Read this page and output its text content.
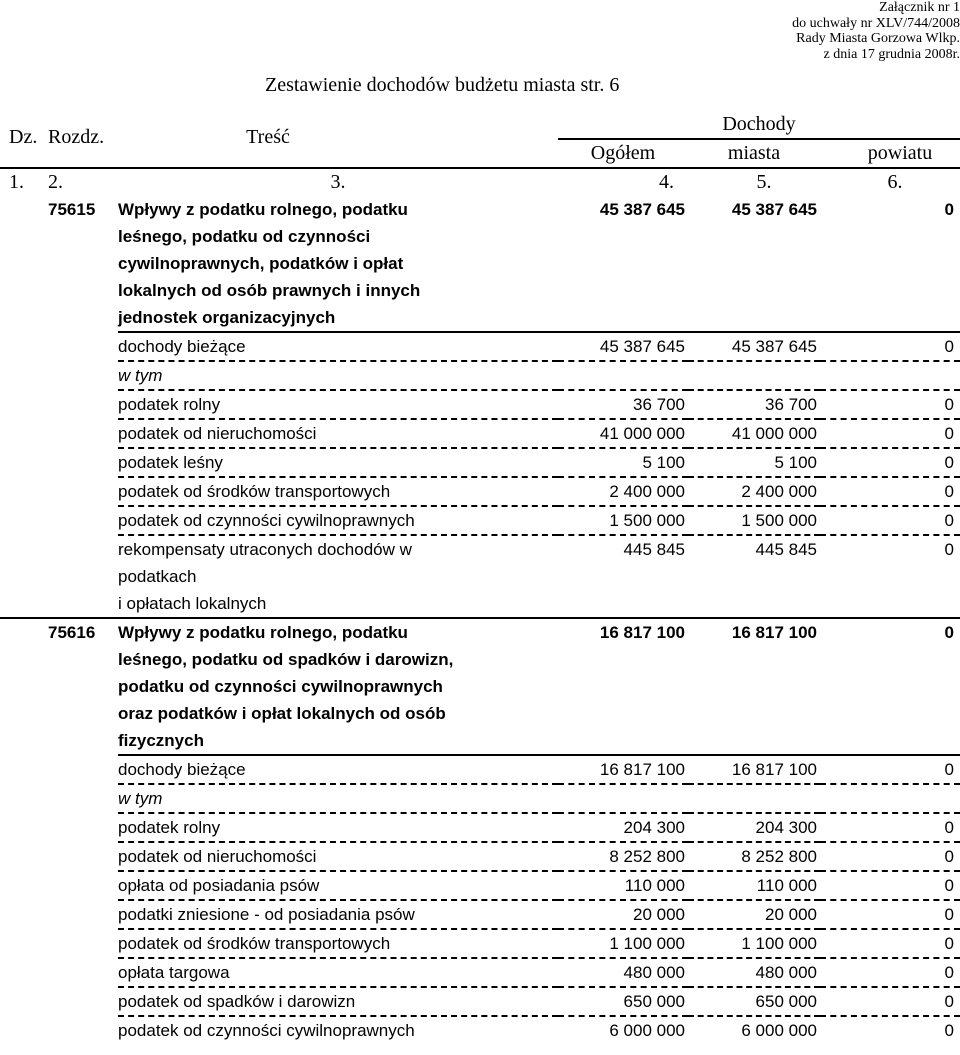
Załącznik nr 1
do uchwały nr XLV/744/2008
Rady Miasta Gorzowa Wlkp.
z dnia 17 grudnia 2008r.
Zestawienie dochodów budżetu miasta str. 6
			Dochody		
Dz.	Rozdz.	Treść	Ogółem	miasta	powiatu
1.	2.	3.	4.	5.	6.
	75615	Wpływy z podatku rolnego, podatku	45 387 645	45 387 645	0
		leśnego, podatku od czynności			
		cywilnoprawnych, podatków i opłat			
		lokalnych od osób prawnych i innych			
		jednostek organizacyjnych			

		dochody bieżące	45 387 645	45 387 645	0
		w tym			
		podatek rolny	36 700	36 700	0
		podatek od nieruchomości	41 000 000	41 000 000	0
		podatek leśny	5 100	5 100	0
		podatek od środków transportowych	2 400 000	2 400 000	0
		podatek od czynności cywilnoprawnych	1 500 000	1 500 000	0
		rekompensaty utraconych dochodów w	445 845	445 845	0
		podatkach			
		i opłatach lokalnych			

	75616	Wpływy z podatku rolnego, podatku	16 817 100	16 817 100	0
		leśnego, podatku od spadków i darowizn,			
		podatku od czynności cywilnoprawnych			
		oraz podatków i opłat lokalnych od osób			
		fizycznych			

		dochody bieżące	16 817 100	16 817 100	0
		w tym			
		podatek rolny	204 300	204 300	0
		podatek od nieruchomości	8 252 800	8 252 800	0
		opłata od posiadania psów	110 000	110 000	0
		podatki zniesione - od posiadania psów	20 000	20 000	0
		podatek od środków transportowych	1 100 000	1 100 000	0
		opłata targowa	480 000	480 000	0
		podatek od spadków i darowizn	650 000	650 000	0
		podatek od czynności cywilnoprawnych	6 000 000	6 000 000	0
